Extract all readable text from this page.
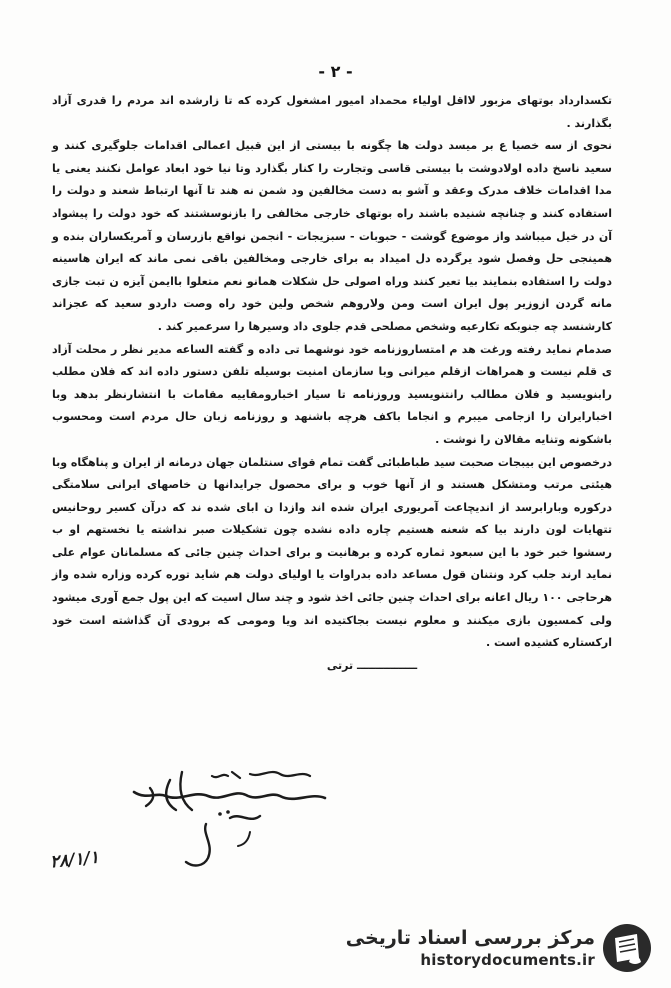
- ۲ -

تکسدارداد بوتهای مزبور لااقل اولیاء محمداد امیور امشغول کرده که تا زارشده اند مردم را قدری آزاد بگذارند .

نحوی از سه خصیا ع بر میسد دولت ها چگونه با بیستی از این قبیل اعمالی اقدامات جلوگیری کنند و سعید ناسخ داده اولادوشت با بیستی قاسی وتجارت را کنار بگذارد وتا نیا خود ابعاد عوامل نکنند یعنی یا مدا اقدامات خلاف مدرک وعقد و آشو به دست مخالفین ود شمن نه هند تا آنها ارتباط شعند و دولت را استفاده کنند و چنانچه شنیده باشند راه بوتهای خارجی مخالفی را بازنوسشتند که خود دولت را پیشواد آن در خیل میباشد واز موضوع گوشت - حبوبات - سبزیجات - انجمن نواقع بازرسان و آمریکساران بنده و همینجی حل وفصل شود یرگرده دل امیداد به برای خارجی ومخالفین باقی نمی ماند که ایران هاسینه دولت را استفاده بنمایند بیا تعیر کنند وراه اصولی حل شکلات همانو نعم متعلوا باایمن آیزه ن تبت جازی مانه گردن ازوزیر پول ایران است ومن ولاروهم شخص ولین خود راه وصت داردو سعید که عجزاند کارشنسد چه جنوبکه تکارعیه وشخص مصلحی قدم جلوی داد وسیرها را سرعمیر کند .

صدمام نماید رفته ورغت هد م امتساروزنامه خود نوشهما تی داده و گفته الساعه مدیر نظر ر محلت آزاد ی قلم نیست و همراهات ازقلم میرانی وبا سازمان امنیت بوسیله تلفن دستور داده اند که فلان مطلب رابنویسید و فلان مطالب رانتنویسید وروزنامه تا سیار اخبارومقاییه مقامات با انتشارنظر بدهد وبا اخبارایران را ازجامی میبرم و انجاما باکف هرچه باشنهد و روزنامه زبان حال مردم است ومحسوب باشکونه وتنایه مقالان را نوشت .

درخصوص این بیبجات صحبت سید طباطبائی گفت تمام قوای سنتلمان جهان درمانه از ایران و پناهگاه وبا هیئتی مرتب ومتشکل هستند و از آنها خوب و برای محصول جرایدانها ن خاصهای ایرانی سلامتگی درکوره وبارابرسد از اندیچاعت آمریوری ایران شده اند وازدا ن ابای شده ند که درآن کسیر روحانیس تتهایات لون دارند بیا که شعنه هستیم چاره داده نشده چون تشکیلات صبر نداشته یا نخستهم او ب رسشوا خبر خود با این سبعود ثماره کرده و برهانیت و برای احداث چنین جائی که مسلمانان عوام علی نماید ارند جلب کرد ونتنان قول مساعد داده بدراوات یا اولیای دولت هم شاید توره کرده وزاره شده واز هرحاجی ۱۰۰ ریال اعانه برای احداث چنین جائی اخذ شود و چند سال اسیت که این پول جمع آوری میشود ولی کمسیون بازی میکنند و معلوم نیست بجاکتیده اند ویا ومومی که برودی آن گذاشته است خود ارکستاره کشیده است .

ــــــــــــــــ ترتی
۲۸/۱/۱
مرکز بررسی اسناد تاریخی
historydocuments.ir
